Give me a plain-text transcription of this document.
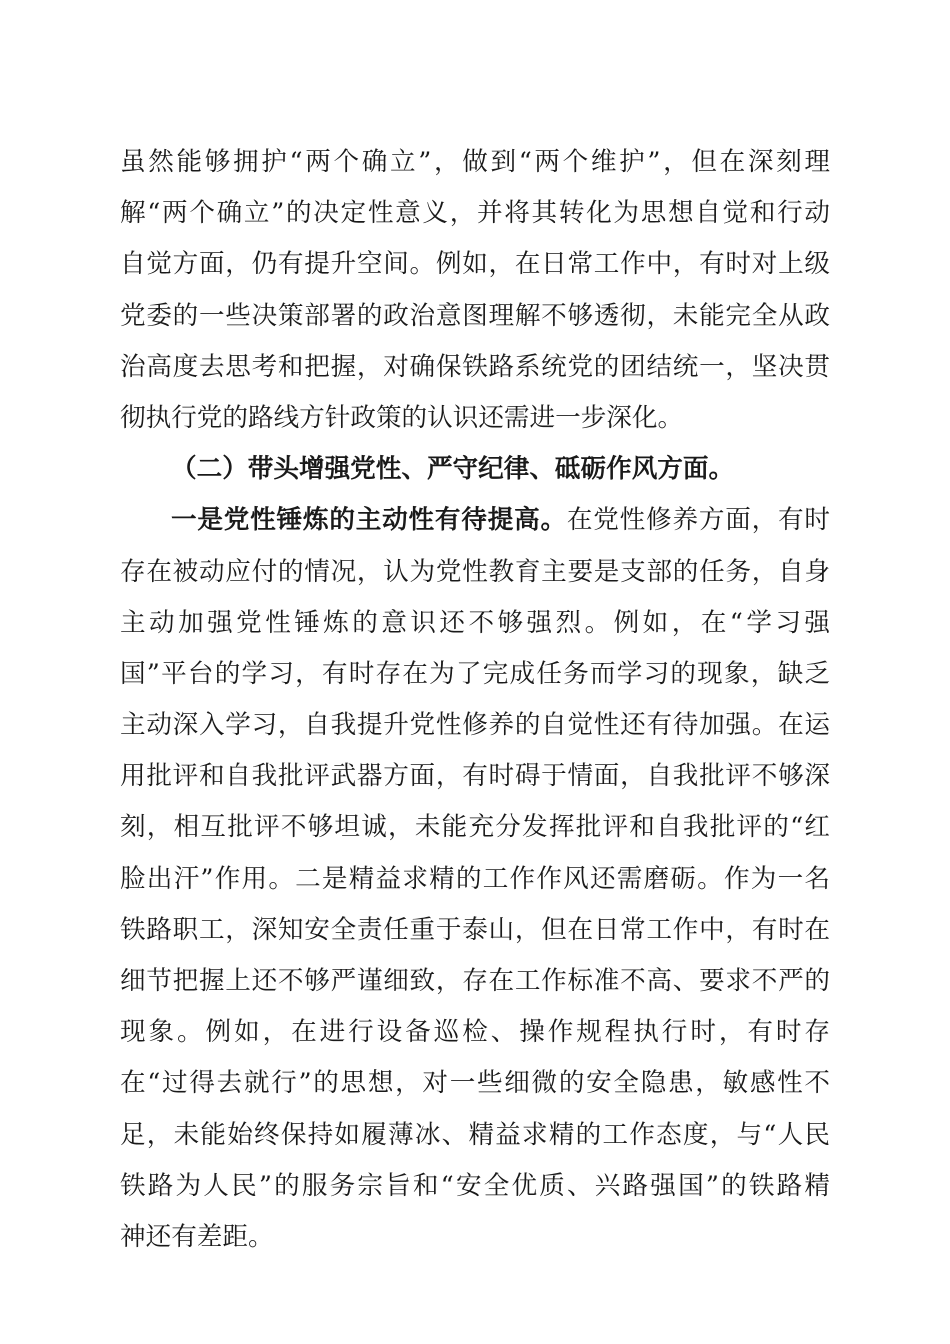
虽然能够拥护“两个确立”，做到“两个维护”，但在深刻理
解“两个确立”的决定性意义，并将其转化为思想自觉和行动
自觉方面，仍有提升空间。例如，在日常工作中，有时对上级
党委的一些决策部署的政治意图理解不够透彻，未能完全从政
治高度去思考和把握，对确保铁路系统党的团结统一，坚决贯
彻执行党的路线方针政策的认识还需进一步深化。
（二）带头增强党性、严守纪律、砥砺作风方面。
一是党性锤炼的主动性有待提高。在党性修养方面，有时
存在被动应付的情况，认为党性教育主要是支部的任务，自身
主动加强党性锤炼的意识还不够强烈。例如，在“学习强
国”平台的学习，有时存在为了完成任务而学习的现象，缺乏
主动深入学习，自我提升党性修养的自觉性还有待加强。在运
用批评和自我批评武器方面，有时碍于情面，自我批评不够深
刻，相互批评不够坦诚，未能充分发挥批评和自我批评的“红
脸出汗”作用。二是精益求精的工作作风还需磨砺。作为一名
铁路职工，深知安全责任重于泰山，但在日常工作中，有时在
细节把握上还不够严谨细致，存在工作标准不高、要求不严的
现象。例如，在进行设备巡检、操作规程执行时，有时存
在“过得去就行”的思想，对一些细微的安全隐患，敏感性不
足，未能始终保持如履薄冰、精益求精的工作态度，与“人民
铁路为人民”的服务宗旨和“安全优质、兴路强国”的铁路精
神还有差距。
